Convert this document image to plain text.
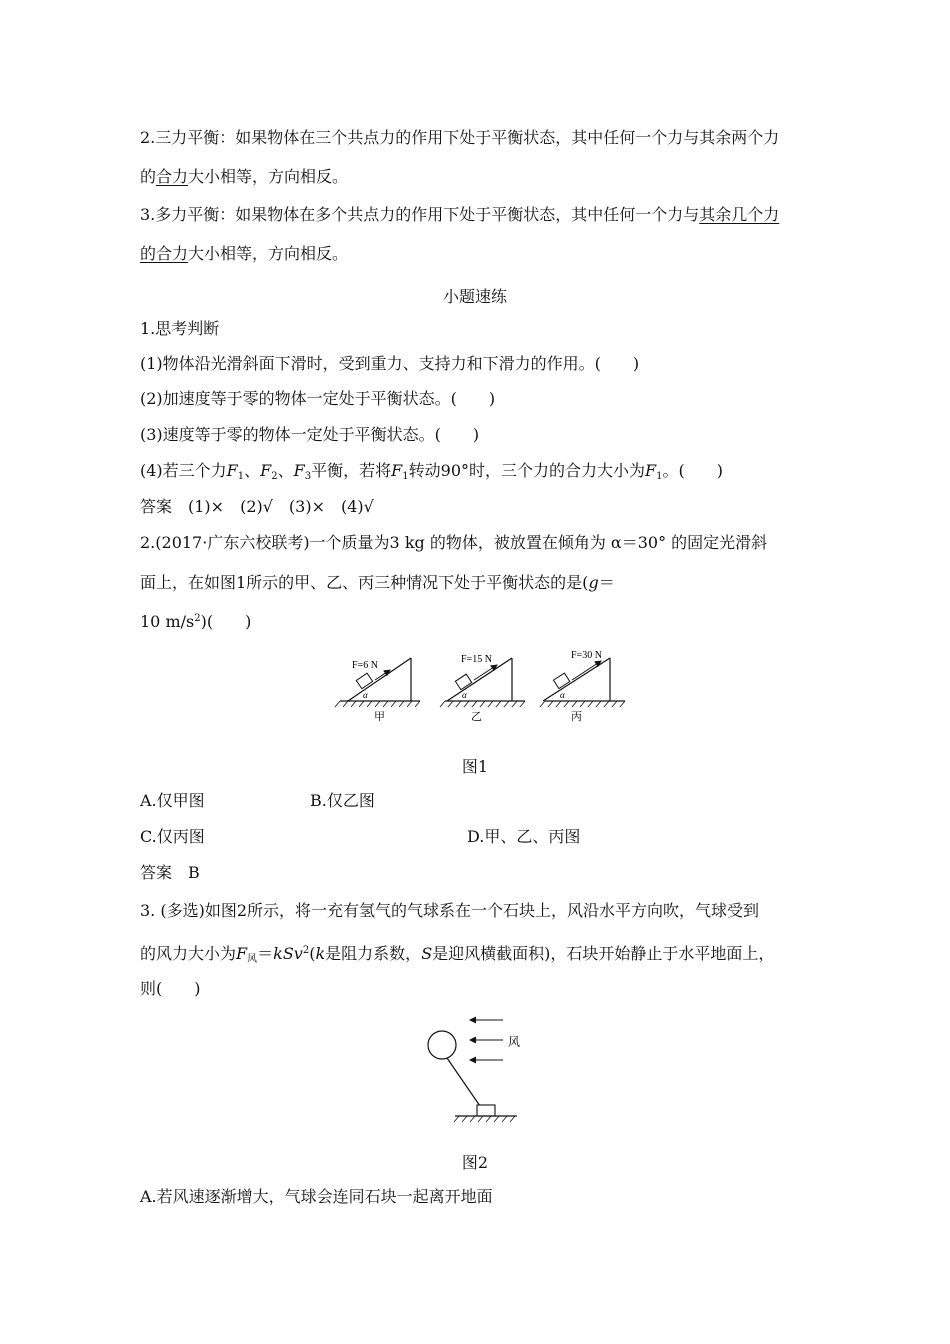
2.三力平衡：如果物体在三个共点力的作用下处于平衡状态，其中任何一个力与其余两个力
的合力大小相等，方向相反。
3.多力平衡：如果物体在多个共点力的作用下处于平衡状态，其中任何一个力与其余几个力
的合力大小相等，方向相反。
小题速练
1.思考判断
(1)物体沿光滑斜面下滑时，受到重力、支持力和下滑力的作用。(　　)
(2)加速度等于零的物体一定处于平衡状态。(　　)
(3)速度等于零的物体一定处于平衡状态。(　　)
(4)若三个力$F_1$、$F_2$、$F_3$平衡，若将$F_1$转动90°时，三个力的合力大小为$F_1$。(　　)
答案　(1)×　(2)√　(3)×　(4)√
2.(2017·广东六校联考)一个质量为3 kg 的物体，被放置在倾角为 α＝30° 的固定光滑斜
面上，在如图1所示的甲、乙、丙三种情况下处于平衡状态的是(g＝
10 $m/s^2$)(　　)
α
F=6 N
甲
α
F=15 N
乙
α
F=30 N
丙
图1
A.仅甲图	B.仅乙图
C.仅丙图	D.甲、乙、丙图
答案　B
3. (多选)如图2所示，将一充有氢气的气球系在一个石块上，风沿水平方向吹，气球受到
的风力大小为$F_风=kSv^2(k$是阻力系数，S是迎风横截面积)，石块开始静止于水平地面上，
则(　　)
风
图2
A.若风速逐渐增大，气球会连同石块一起离开地面
